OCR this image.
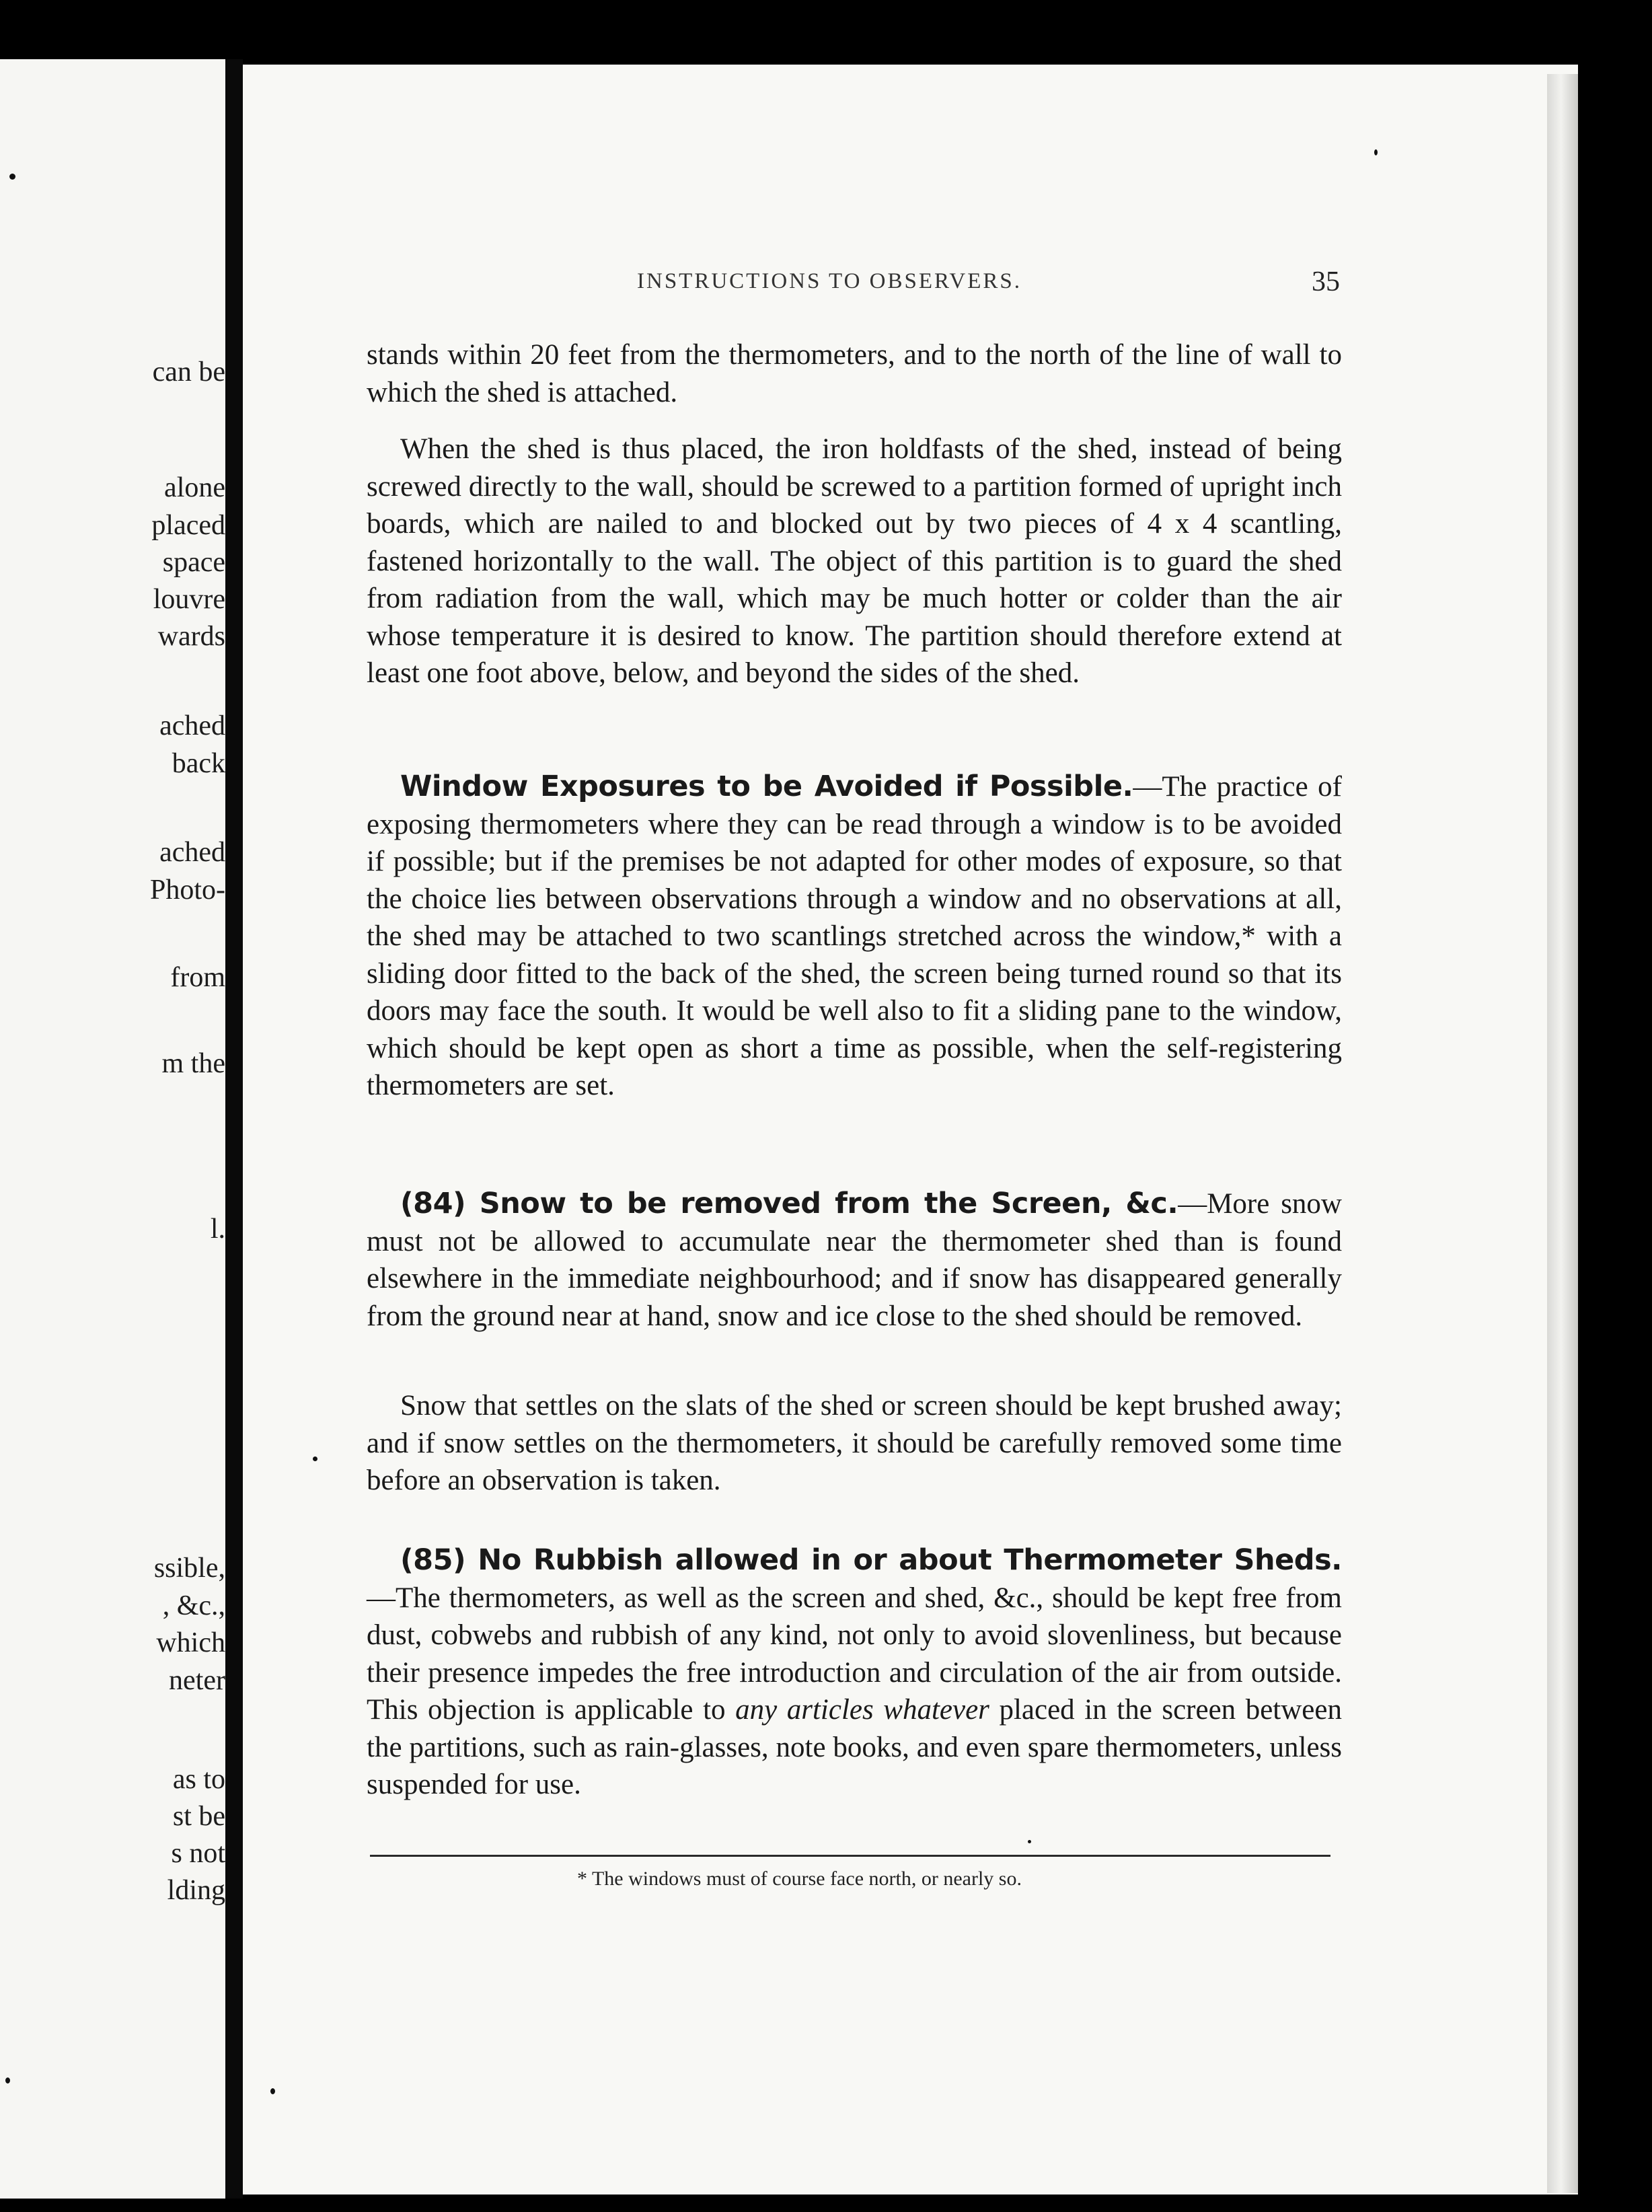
can be
alone
placed
space
louvre
wards
ached
back
ached
Photo-
from
m the
l.
ssible,
, &c.,
which
neter
as to
st be
s not
lding
INSTRUCTIONS TO OBSERVERS.	35

stands within 20 feet from the thermometers, and to the north of the line of wall to which the shed is attached.

When the shed is thus placed, the iron holdfasts of the shed, instead of being screwed directly to the wall, should be screwed to a partition formed of upright inch boards, which are nailed to and blocked out by two pieces of 4 x 4 scantling, fastened horizontally to the wall. The object of this partition is to guard the shed from radiation from the wall, which may be much hotter or colder than the air whose temperature it is desired to know. The partition should therefore extend at least one foot above, below, and beyond the sides of the shed.

Window Exposures to be Avoided if Possible.—The practice of exposing thermometers where they can be read through a window is to be avoided if possible; but if the premises be not adapted for other modes of exposure, so that the choice lies between observations through a window and no observations at all, the shed may be attached to two scantlings stretched across the window,* with a sliding door fitted to the back of the shed, the screen being turned round so that its doors may face the south. It would be well also to fit a sliding pane to the window, which should be kept open as short a time as possible, when the self-registering thermometers are set.

(84) Snow to be removed from the Screen, &c.—More snow must not be allowed to accumulate near the thermometer shed than is found elsewhere in the immediate neighbourhood; and if snow has disappeared generally from the ground near at hand, snow and ice close to the shed should be removed.

Snow that settles on the slats of the shed or screen should be kept brushed away; and if snow settles on the thermometers, it should be carefully removed some time before an observation is taken.

(85) No Rubbish allowed in or about Thermometer Sheds.—The thermometers, as well as the screen and shed, &c., should be kept free from dust, cobwebs and rubbish of any kind, not only to avoid slovenliness, but because their presence impedes the free introduction and circulation of the air from outside. This objection is applicable to any articles whatever placed in the screen between the partitions, such as rain-glasses, note books, and even spare thermometers, unless suspended for use.

* The windows must of course face north, or nearly so.
